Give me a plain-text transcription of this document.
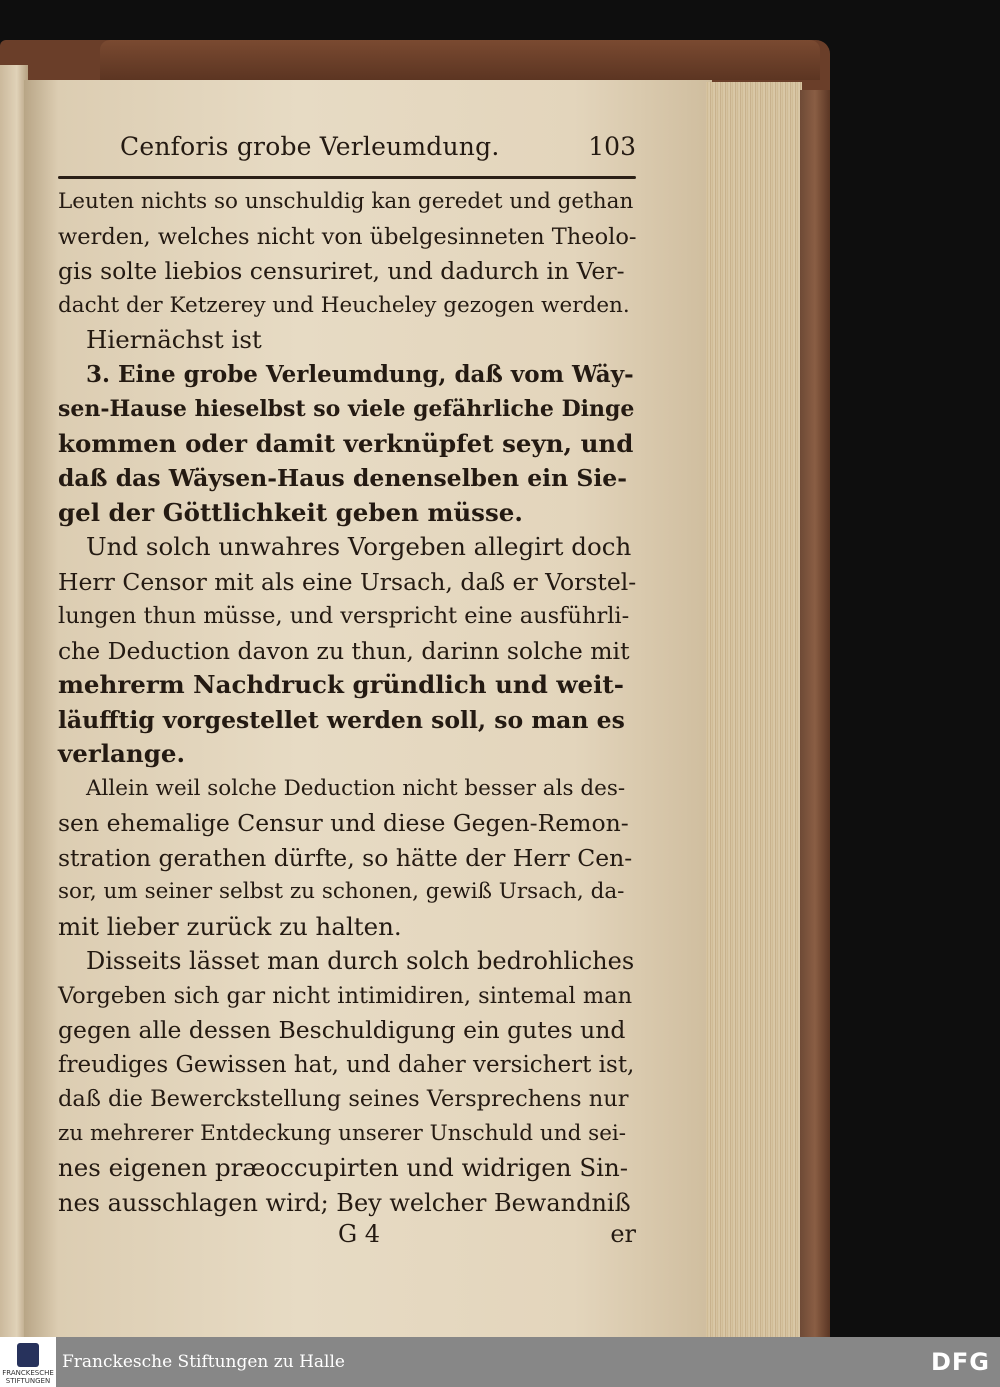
Cenforis grobe Verleumdung.	103
Leuten nichts so unschuldig kan geredet und gethan
werden, welches nicht von übelgesinneten Theolo-
gis solte liebios censuriret, und dadurch in Ver-
dacht der Ketzerey und Heucheley gezogen werden.
Hiernächst ist
3. Eine grobe Verleumdung, daß vom Wäy-
sen-Hause hieselbst so viele gefährliche Dinge
kommen oder damit verknüpfet seyn, und
daß das Wäysen-Haus denenselben ein Sie-
gel der Göttlichkeit geben müsse.
Und solch unwahres Vorgeben allegirt doch
Herr Censor mit als eine Ursach, daß er Vorstel-
lungen thun müsse, und verspricht eine ausführli-
che Deduction davon zu thun, darinn solche mit
mehrerm Nachdruck gründlich und weit-
läufftig vorgestellet werden soll, so man es
verlange.
Allein weil solche Deduction nicht besser als des-
sen ehemalige Censur und diese Gegen-Remon-
stration gerathen dürfte, so hätte der Herr Cen-
sor, um seiner selbst zu schonen, gewiß Ursach, da-
mit lieber zurück zu halten.
Disseits lässet man durch solch bedrohliches
Vorgeben sich gar nicht intimidiren, sintemal man
gegen alle dessen Beschuldigung ein gutes und
freudiges Gewissen hat, und daher versichert ist,
daß die Bewerckstellung seines Versprechens nur
zu mehrerer Entdeckung unserer Unschuld und sei-
nes eigenen præoccupirten und widrigen Sin-
nes ausschlagen wird; Bey welcher Bewandniß
G 4	er
FRANCKESCHE STIFTUNGEN
Franckesche Stiftungen zu Halle	DFG
